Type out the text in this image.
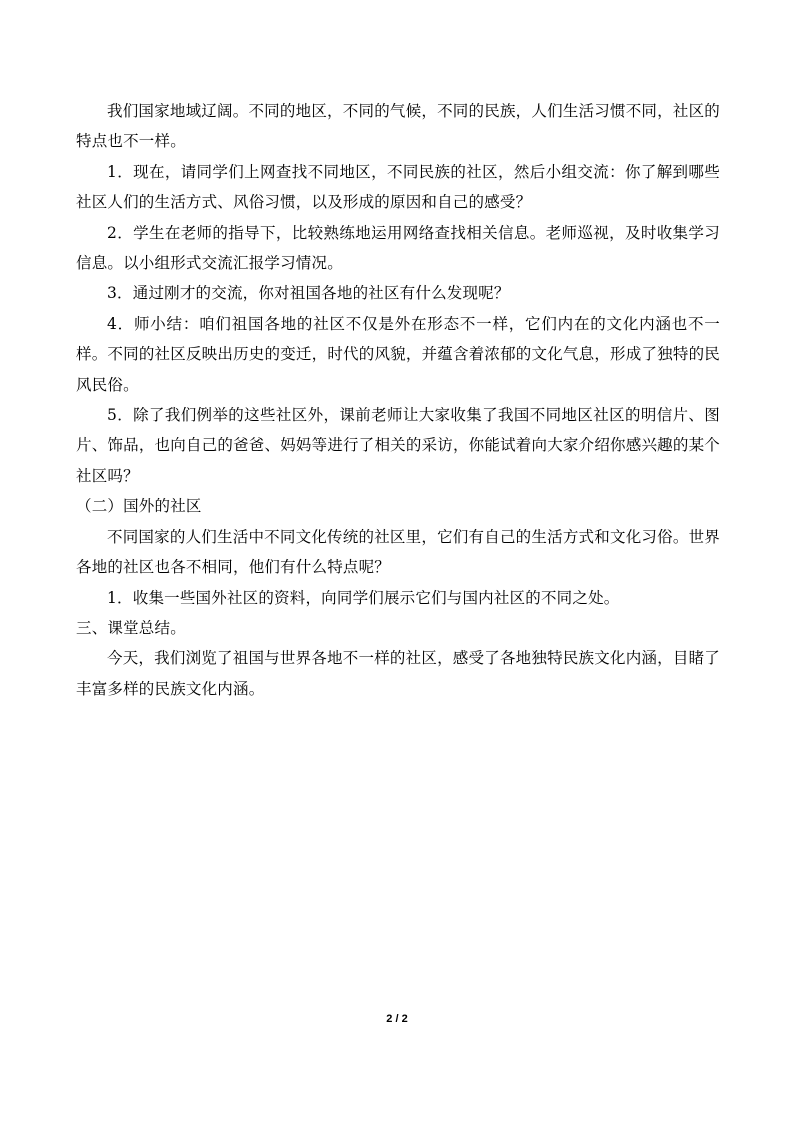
我们国家地域辽阔。不同的地区，不同的气候，不同的民族，人们生活习惯不同，社区的特点也不一样。

1．现在，请同学们上网查找不同地区，不同民族的社区，然后小组交流：你了解到哪些社区人们的生活方式、风俗习惯，以及形成的原因和自己的感受？

2．学生在老师的指导下，比较熟练地运用网络查找相关信息。老师巡视，及时收集学习信息。以小组形式交流汇报学习情况。

3．通过刚才的交流，你对祖国各地的社区有什么发现呢？

4．师小结：咱们祖国各地的社区不仅是外在形态不一样，它们内在的文化内涵也不一样。不同的社区反映出历史的变迁，时代的风貌，并蕴含着浓郁的文化气息，形成了独特的民风民俗。

5．除了我们例举的这些社区外，课前老师让大家收集了我国不同地区社区的明信片、图片、饰品，也向自己的爸爸、妈妈等进行了相关的采访，你能试着向大家介绍你感兴趣的某个社区吗？

（二）国外的社区

不同国家的人们生活中不同文化传统的社区里，它们有自己的生活方式和文化习俗。世界各地的社区也各不相同，他们有什么特点呢？

1．收集一些国外社区的资料，向同学们展示它们与国内社区的不同之处。

三、课堂总结。

今天，我们浏览了祖国与世界各地不一样的社区，感受了各地独特民族文化内涵，目睹了丰富多样的民族文化内涵。

2 / 2
